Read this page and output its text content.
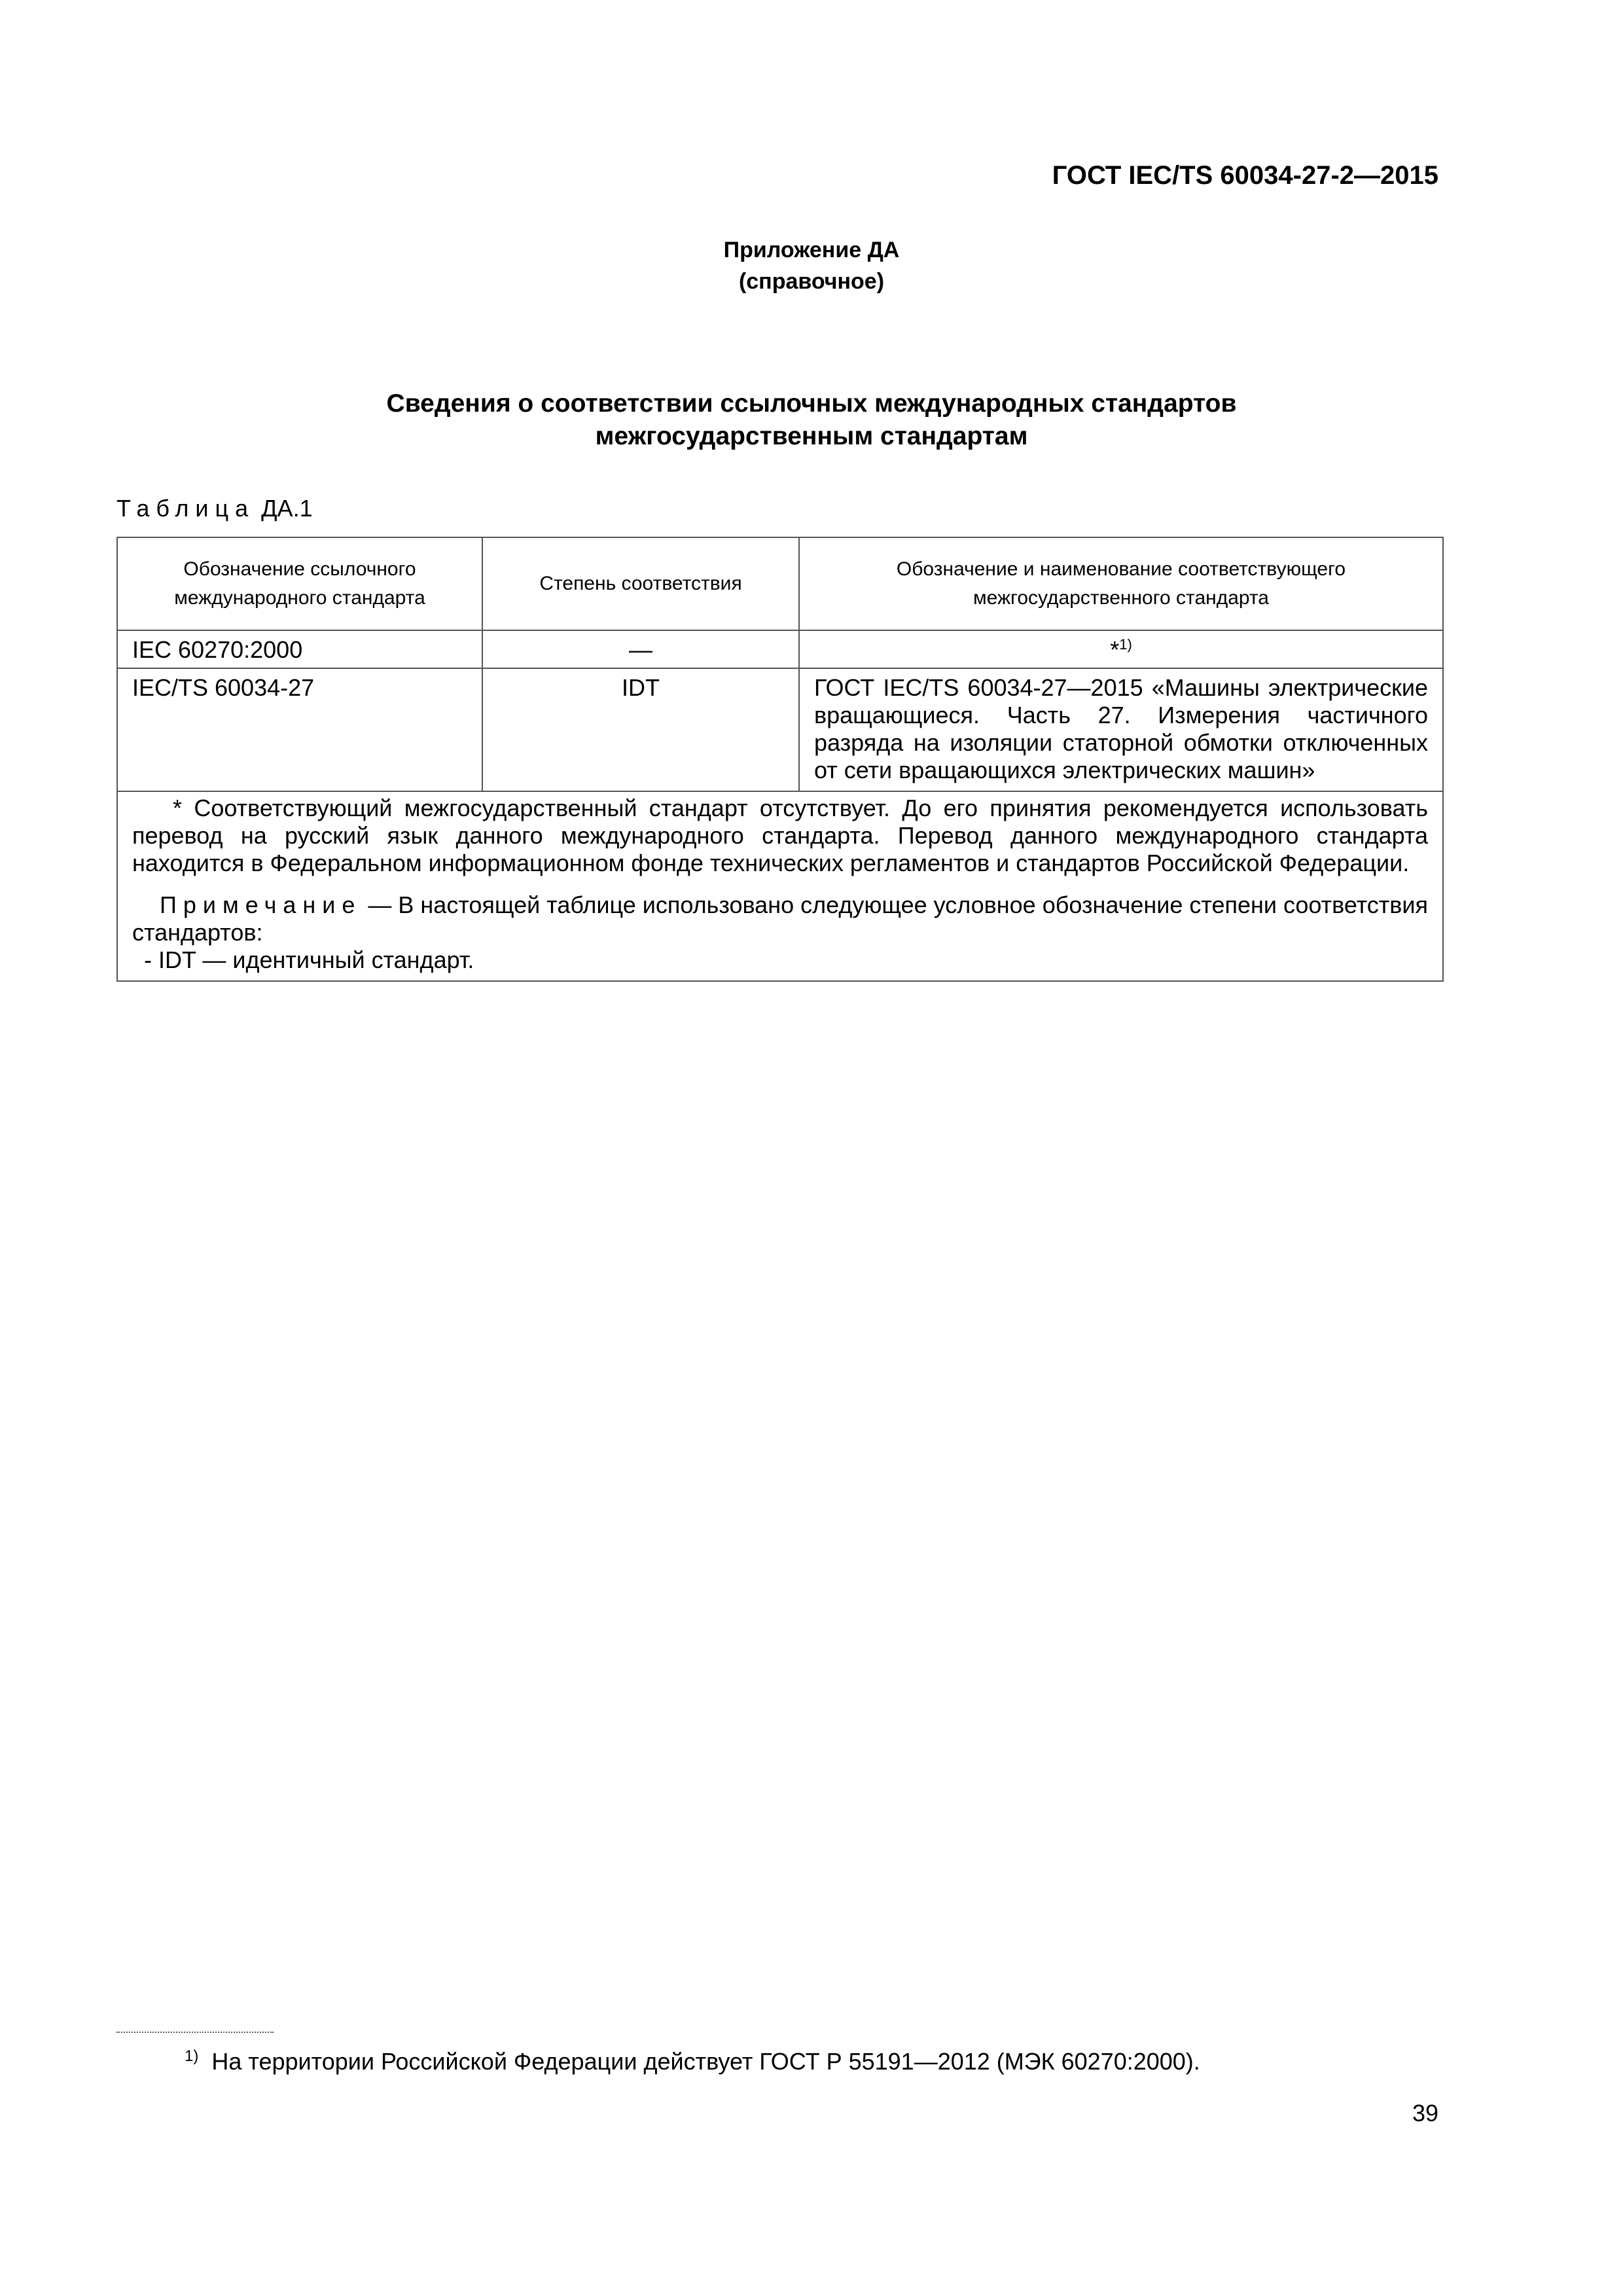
ГОСТ IEC/TS 60034-27-2—2015
Приложение ДА
(справочное)
Сведения о соответствии ссылочных международных стандартов
межгосударственным стандартам
Таблица ДА.1
Обозначение ссылочного международного стандарта	Степень соответствия	Обозначение и наименование соответствующего межгосударственного стандарта
IEC 60270:2000	—	*$^{1)}$
IEC/TS 60034-27	IDT	ГОСТ IEC/TS 60034-27—2015 «Машины электрические вращающиеся. Часть 27. Измерения частичного разряда на изоляции статорной обмотки отключенных от сети вращающихся электрических машин»

* Соответствующий межгосударственный стандарт отсутствует. До его принятия рекомендуется использовать перевод на русский язык данного международного стандарта. Перевод данного международного стандарта находится в Федеральном информационном фонде технических регламентов и стандартов Российской Федерации.

Примечание — В настоящей таблице использовано следующее условное обозначение степени соответствия стандартов:

- IDT — идентичный стандарт.		

$^{1)}$ На территории Российской Федерации действует ГОСТ Р 55191—2012 (МЭК 60270:2000).
39
